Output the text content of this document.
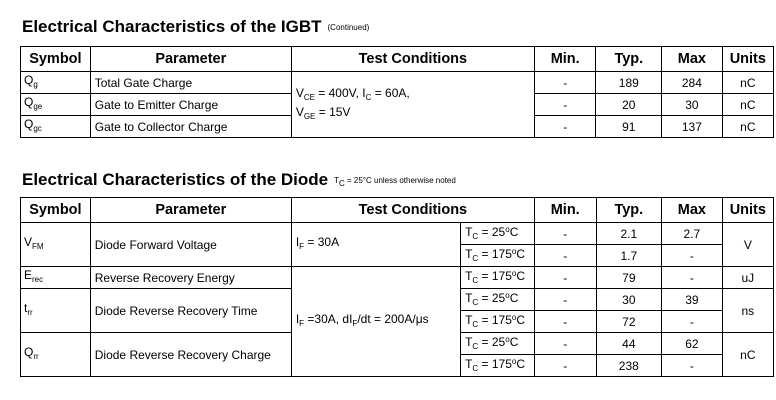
Electrical Characteristics of the IGBT (Continued)
Symbol	Parameter	Test Conditions	Min.	Typ.	Max	Units
$Q_g$	Total Gate Charge	$V_{CE} = 400V$, $I_C = 60A$,
$V_{GE} = 15V$	-	189	284	nC
$Q_{ge}$	Gate to Emitter Charge		-	20	30	nC
$Q_{gc}$	Gate to Collector Charge		-	91	137	nC
Electrical Characteristics of the Diode TC = 25°C unless otherwise noted
Symbol	Parameter	Test Conditions		Min.	Typ.	Max	Units
$V_{FM}$	Diode Forward Voltage	$I_F = 30A$	$T_C = 25^oC$	-	2.1	2.7	V
			$T_C = 175^oC$	-	1.7	-	
$E_{rec}$	Reverse Recovery Energy	$I_F =30A$, $dI_F/dt = 200A/\mu s$	$T_C = 175^oC$	-	79	-	uJ
$t_{rr}$	Diode Reverse Recovery Time		$T_C = 25^oC$	-	30	39	ns
			$T_C = 175^oC$	-	72	-	
$Q_{rr}$	Diode Reverse Recovery Charge		$T_C = 25^oC$	-	44	62	nC
			$T_C = 175^oC$	-	238	-	
